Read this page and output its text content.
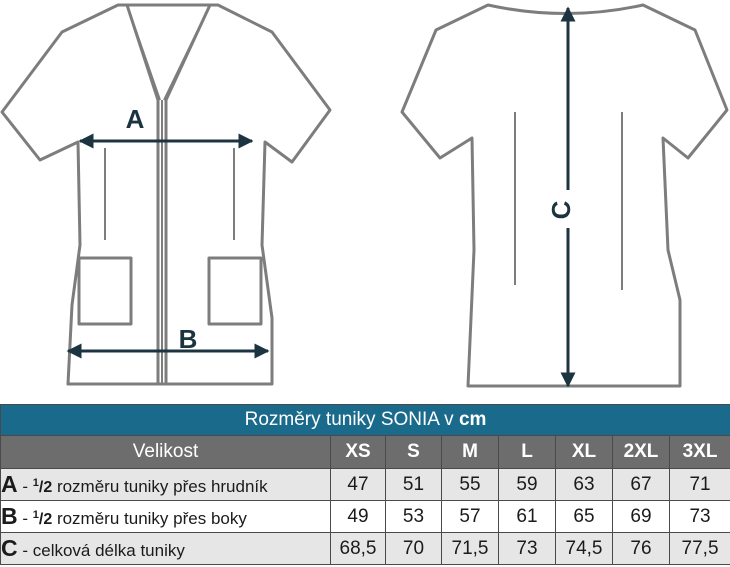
A
B
C
Rozměry tuniky SONIA v cm							
Velikost	XS	S	M	L	XL	2XL	3XL
A - $^1$/2 rozměru tuniky přes hrudník	47	51	55	59	63	67	71
B - $^1$/2 rozměru tuniky přes boky	49	53	57	61	65	69	73
C - celková délka tuniky	68,5	70	71,5	73	74,5	76	77,5
